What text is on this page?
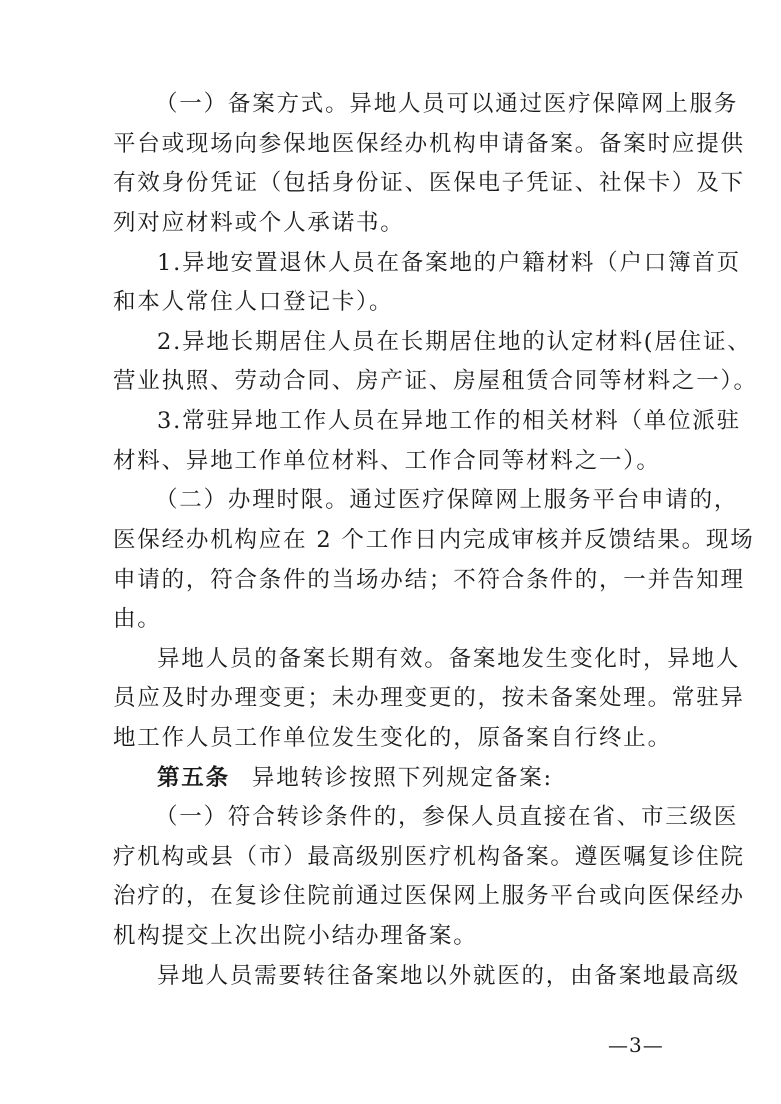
（一）备案方式。异地人员可以通过医疗保障网上服务
平台或现场向参保地医保经办机构申请备案。备案时应提供
有效身份凭证（包括身份证、医保电子凭证、社保卡）及下
列对应材料或个人承诺书。
1.异地安置退休人员在备案地的户籍材料（户口簿首页
和本人常住人口登记卡）。
2.异地长期居住人员在长期居住地的认定材料(居住证、
营业执照、劳动合同、房产证、房屋租赁合同等材料之一）。
3.常驻异地工作人员在异地工作的相关材料（单位派驻
材料、异地工作单位材料、工作合同等材料之一）。
（二）办理时限。通过医疗保障网上服务平台申请的，
医保经办机构应在 2 个工作日内完成审核并反馈结果。现场
申请的，符合条件的当场办结；不符合条件的，一并告知理
由。
异地人员的备案长期有效。备案地发生变化时，异地人
员应及时办理变更；未办理变更的，按未备案处理。常驻异
地工作人员工作单位发生变化的，原备案自行终止。
第五条 异地转诊按照下列规定备案:
（一）符合转诊条件的，参保人员直接在省、市三级医
疗机构或县（市）最高级别医疗机构备案。遵医嘱复诊住院
治疗的，在复诊住院前通过医保网上服务平台或向医保经办
机构提交上次出院小结办理备案。
异地人员需要转往备案地以外就医的，由备案地最高级
—3—
